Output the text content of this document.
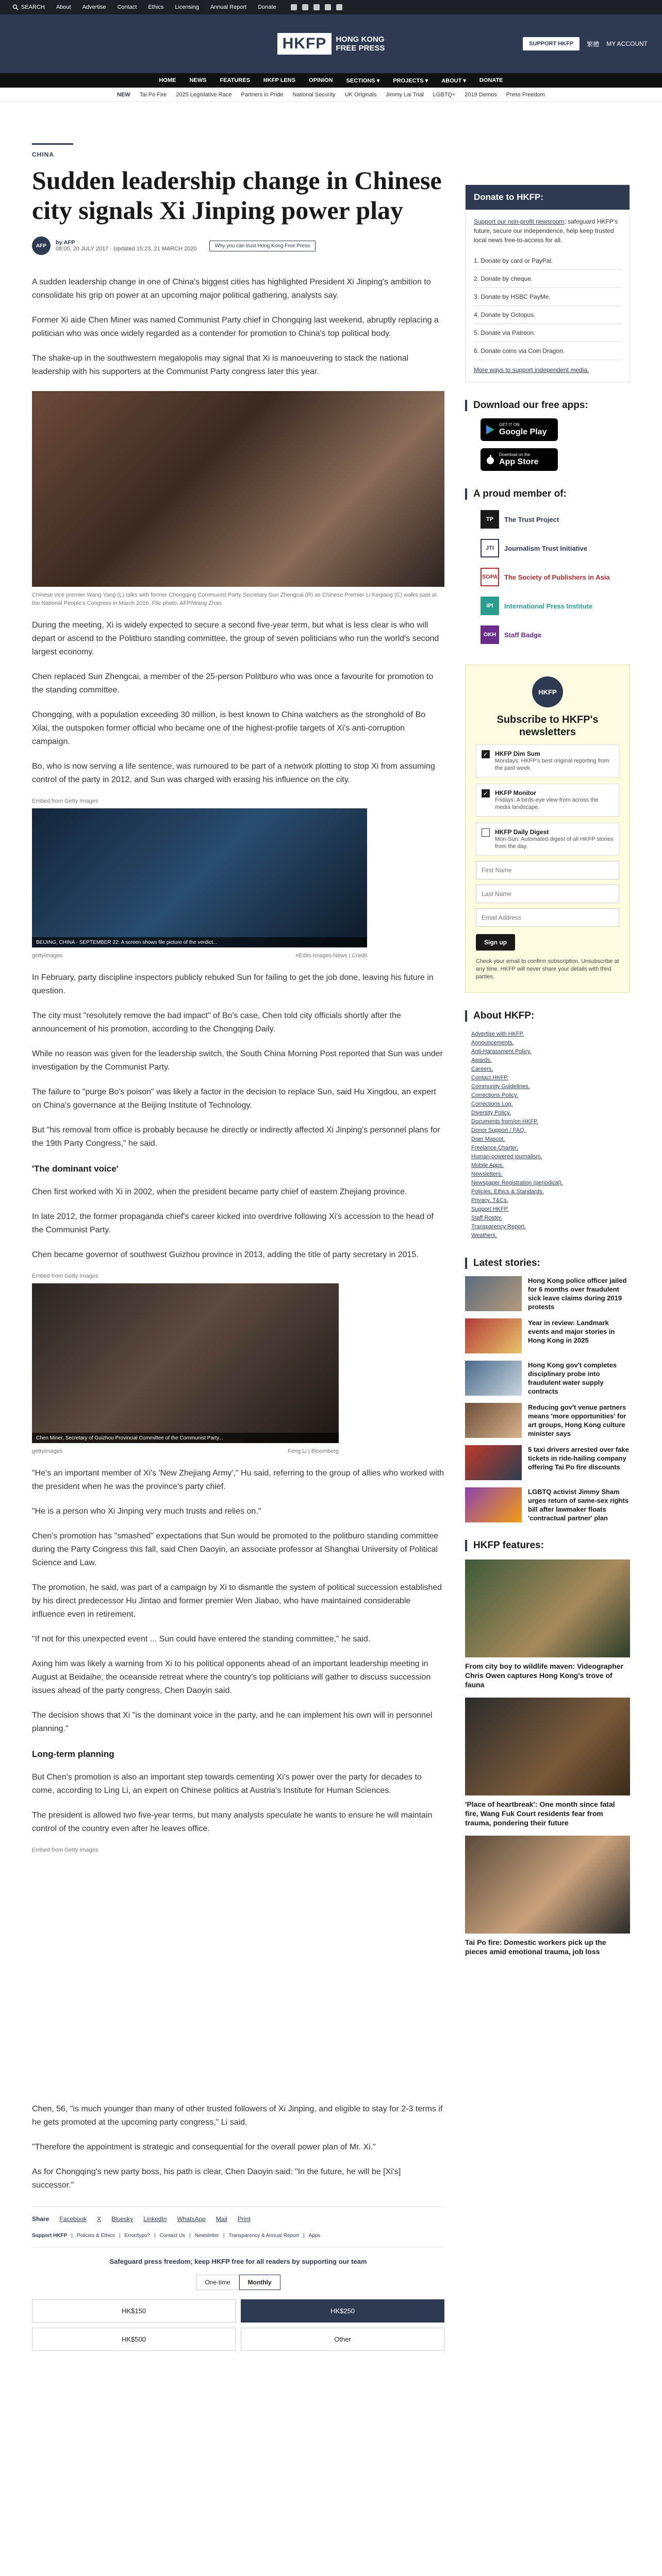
SEARCH About Advertise Contact Ethics Licensing Annual Report Donate
HKFP	HONG KONG
FREE PRESS	SUPPORT HKFP	繁體 MY ACCOUNT
HOME NEWS FEATURES HKFP LENS OPINION SECTIONS ▾ PROJECTS ▾ ABOUT ▾ DONATE
NEW Tai Po Fire 2025 Legislative Race Partners in Pride National Security UK Originals Jimmy Lai Trial LGBTQ+ 2019 Demos Press Freedom
CHINA
Sudden leadership change in Chinese city signals Xi Jinping power play
AFP	by AFP
08:00, 20 JULY 2017 · Updated 15:23, 21 MARCH 2020	Why you can trust Hong Kong Free Press

A sudden leadership change in one of China's biggest cities has highlighted President Xi Jinping's ambition to consolidate his grip on power at an upcoming major political gathering, analysts say.

Former Xi aide Chen Miner was named Communist Party chief in Chongqing last weekend, abruptly replacing a politician who was once widely regarded as a contender for promotion to China's top political body.

The shake-up in the southwestern megalopolis may signal that Xi is manoeuvering to stack the national leadership with his supporters at the Communist Party congress later this year.

Chinese vice premier Wang Yang (L) talks with former Chongqing Communist Party Secretary Sun Zhengcai (R) as Chinese Premier Li Keqiang (C) walks past at the National People's Congress in March 2016. File photo: AFP/Wang Zhao.

During the meeting, Xi is widely expected to secure a second five-year term, but what is less clear is who will depart or ascend to the Politburo standing committee, the group of seven politicians who run the world's second largest economy.

Chen replaced Sun Zhengcai, a member of the 25-person Politburo who was once a favourite for promotion to the standing committee.

Chongqing, with a population exceeding 30 million, is best known to China watchers as the stronghold of Bo Xilai, the outspoken former official who became one of the highest-profile targets of Xi's anti-corruption campaign.

Bo, who is now serving a life sentence, was rumoured to be part of a network plotting to stop Xi from assuming control of the party in 2012, and Sun was charged with erasing his influence on the city.

Embed from Getty Images
BEIJING, CHINA - SEPTEMBER 22: A screen shows file picture of the verdict...
gettyimages	#Edits Images News | Credit

In February, party discipline inspectors publicly rebuked Sun for failing to get the job done, leaving his future in question.

The city must "resolutely remove the bad impact" of Bo's case, Chen told city officials shortly after the announcement of his promotion, according to the Chongqing Daily.

While no reason was given for the leadership switch, the South China Morning Post reported that Sun was under investigation by the Communist Party.

The failure to "purge Bo's poison" was likely a factor in the decision to replace Sun, said Hu Xingdou, an expert on China's governance at the Beijing Institute of Technology.

But "his removal from office is probably because he directly or indirectly affected Xi Jinping's personnel plans for the 19th Party Congress," he said.

'The dominant voice'

Chen first worked with Xi in 2002, when the president became party chief of eastern Zhejiang province.

In late 2012, the former propaganda chief's career kicked into overdrive following Xi's accession to the head of the Communist Party.

Chen became governor of southwest Guizhou province in 2013, adding the title of party secretary in 2015.

Embed from Getty Images
Chen Miner, Secretary of Guizhou Provincial Committee of the Communist Party...
gettyimages	Feng Li | Bloomberg

"He's an important member of Xi's 'New Zhejiang Army'," Hu said, referring to the group of allies who worked with the president when he was the province's party chief.

"He is a person who Xi Jinping very much trusts and relies on."

Chen's promotion has "smashed" expectations that Sun would be promoted to the politburo standing committee during the Party Congress this fall, said Chen Daoyin, an associate professor at Shanghai University of Political Science and Law.

The promotion, he said, was part of a campaign by Xi to dismantle the system of political succession established by his direct predecessor Hu Jintao and former premier Wen Jiabao, who have maintained considerable influence even in retirement.

"If not for this unexpected event ... Sun could have entered the standing committee," he said.

Axing him was likely a warning from Xi to his political opponents ahead of an important leadership meeting in August at Beidaihe, the oceanside retreat where the country's top politicians will gather to discuss succession issues ahead of the party congress, Chen Daoyin said.

The decision shows that Xi "is the dominant voice in the party, and he can implement his own will in personnel planning."

Long-term planning

But Chen's promotion is also an important step towards cementing Xi's power over the party for decades to come, according to Ling Li, an expert on Chinese politics at Austria's Institute for Human Sciences.

The president is allowed two five-year terms, but many analysts speculate he wants to ensure he will maintain control of the country even after he leaves office.

Embed from Getty Images

Chen, 56, "is much younger than many of other trusted followers of Xi Jinping, and eligible to stay for 2-3 terms if he gets promoted at the upcoming party congress," Li said.

"Therefore the appointment is strategic and consequential for the overall power plan of Mr. Xi."

As for Chongqing's new party boss, his path is clear, Chen Daoyin said: "In the future, he will be [Xi's] successor."

Share Facebook X Bluesky LinkedIn WhatsApp Mail Print
Support HKFP | Policies & Ethics | Error/typo? | Contact Us | Newsletter | Transparency & Annual Report | Apps
Safeguard press freedom; keep HKFP free for all readers by supporting our team
One-time	Monthly
HK$150	HK$250
HK$500	Other
Donate to HKFP:
Support our non-profit newsroom; safeguard HKFP's future, secure our independence, help keep trusted local news free-to-access for all.
1. Donate by card or PayPal.
2. Donate by cheque.
3. Donate by HSBC PayMe.
4. Donate by Octopus.
5. Donate via Patreon.
6. Donate coins via Coin Dragon.
More ways to support independent media.
Download our free apps:
GET IT ON
Google Play
Download on the
App Store
A proud member of:
TP	The Trust Project
JTI	Journalism Trust Initiative
SOPA The Society of Publishers in Asia
IPI	International Press Institute
OKH	Staff Badge
HKFP
Subscribe to HKFP's newsletters
✓ HKFP Dim Sum
Mondays: HKFP's best original reporting from the past week.
✓ HKFP Monitor
Fridays: A birds-eye view from across the media landscape.
HKFP Daily Digest
Mon-Sun: Automated digest of all HKFP stories from the day.
First Name
Last Name
Email Address
Sign up
Check your email to confirm subscription. Unsubscribe at any time. HKFP will never share your details with third parties.
About HKFP:
Advertise with HKFP.
Announcements.
Anti-Harassment Policy.
Awards.
Careers.
Contact HKFP.
Community Guidelines.
Corrections Policy.
Corrections Log.
Diversity Policy.
Documents from/on HKFP.
Donor Support / FAQ.
Doer Mascot.
Freelance Charter.
Human-powered journalism.
Mobile Apps.
Newsletters.
Newspaper Registration (periodical).
Policies, Ethics & Standards.
Privacy, T&Cs.
Support HKFP.
Staff Roster.
Transparency Report.
Weathers.
Latest stories:
Hong Kong police officer jailed for 6 months over fraudulent sick leave claims during 2019 protests
Year in review: Landmark events and major stories in Hong Kong in 2025
Hong Kong gov't completes disciplinary probe into fraudulent water supply contracts
Reducing gov't venue partners means 'more opportunities' for art groups, Hong Kong culture minister says
5 taxi drivers arrested over fake tickets in ride-hailing company offering Tai Po fire discounts
LGBTQ activist Jimmy Sham urges return of same-sex rights bill after lawmaker floats 'contractual partner' plan
HKFP features:
From city boy to wildlife maven: Videographer Chris Owen captures Hong Kong's trove of fauna
'Place of heartbreak': One month since fatal fire, Wang Fuk Court residents fear from trauma, pondering their future
Tai Po fire: Domestic workers pick up the pieces amid emotional trauma, job loss
